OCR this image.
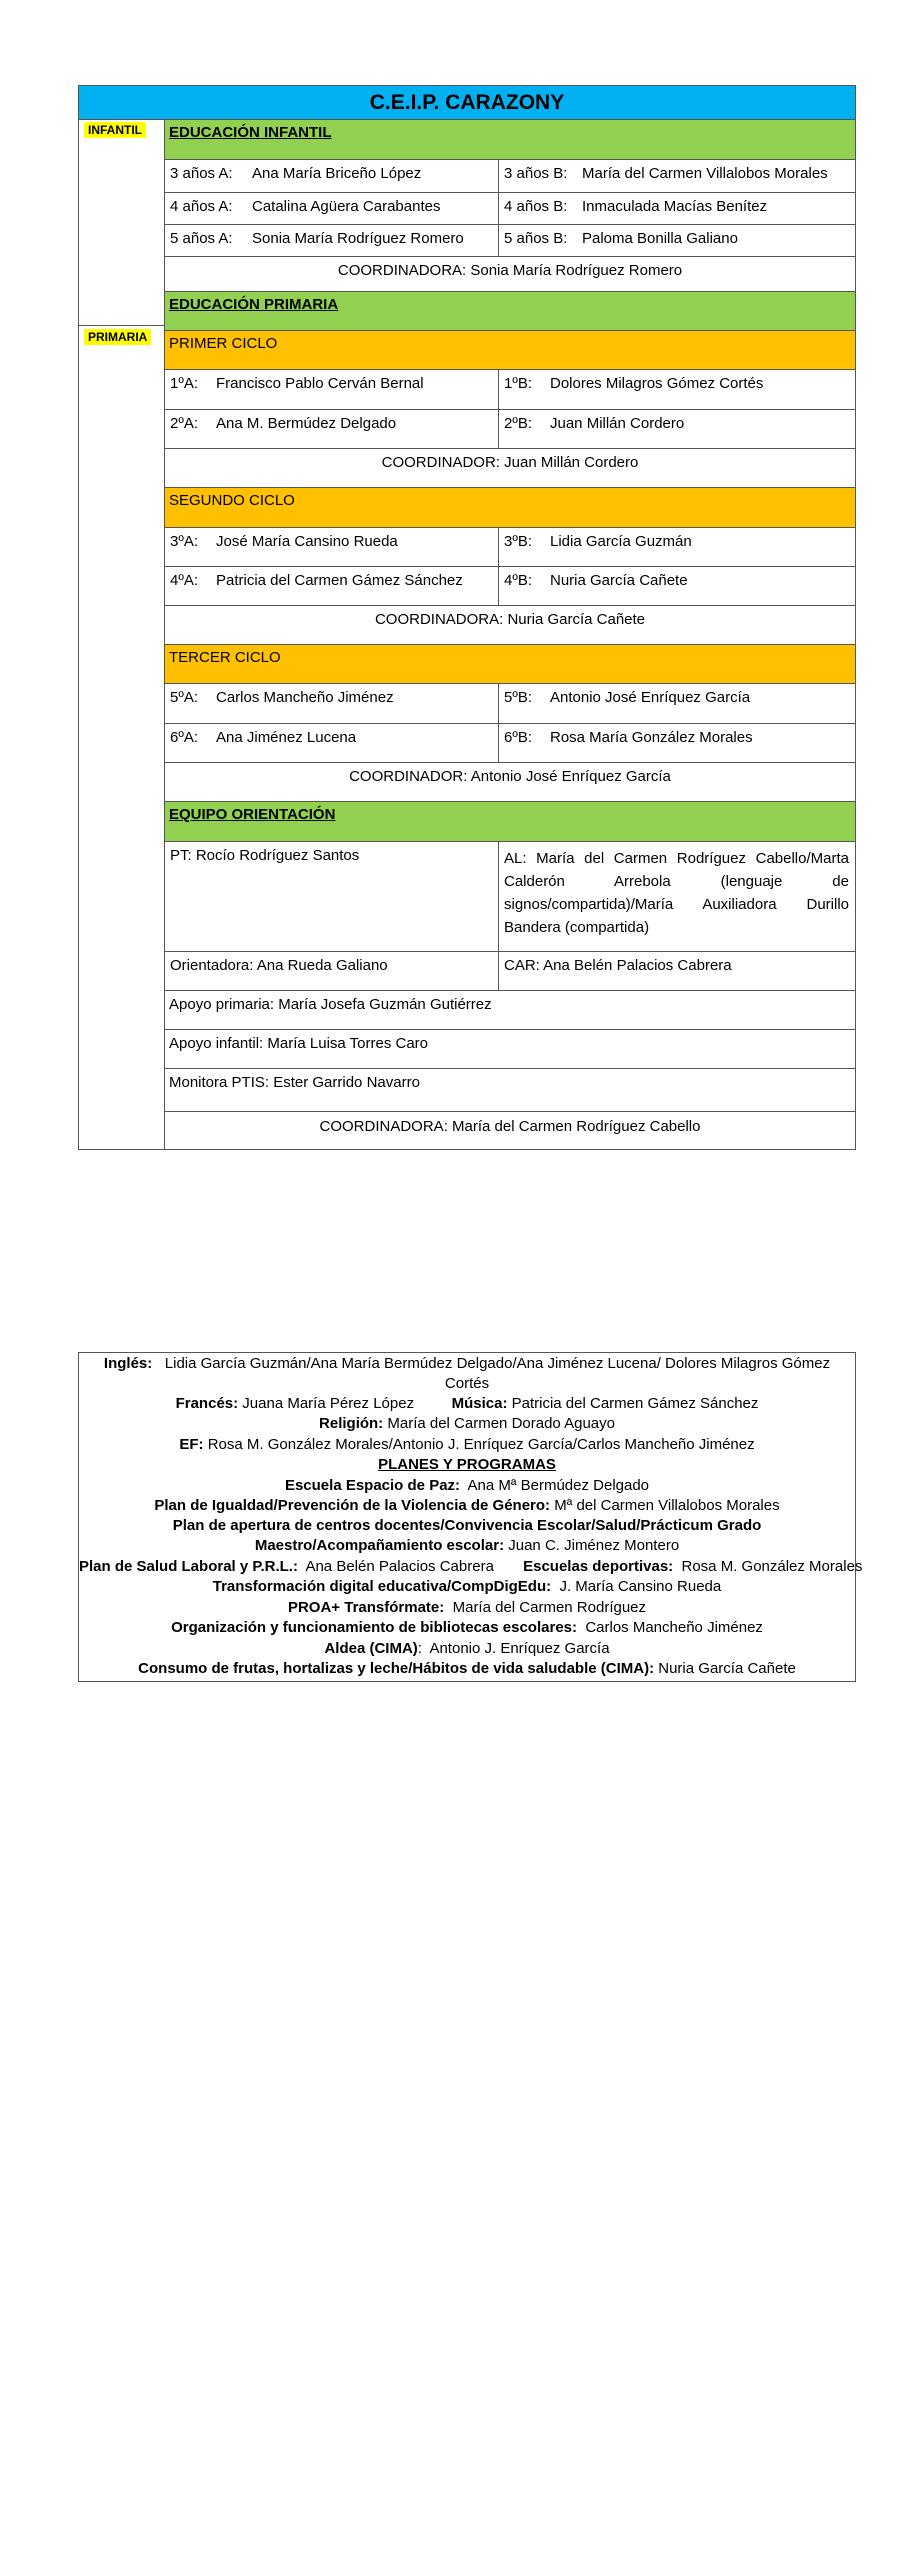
C.E.I.P. CARAZONY
INFANTIL
PRIMARIA
EDUCACIÓN INFANTIL
3 años A: Ana María Briceño López	3 años B: María del Carmen Villalobos Morales
4 años A: Catalina Agüera Carabantes	4 años B: Inmaculada Macías Benítez
5 años A: Sonia María Rodríguez Romero	5 años B: Paloma Bonilla Galiano
COORDINADORA: Sonia María Rodríguez Romero
EDUCACIÓN PRIMARIA
PRIMER CICLO
1ºA: Francisco Pablo Cerván Bernal	1ºB: Dolores Milagros Gómez Cortés
2ºA: Ana M. Bermúdez Delgado	2ºB: Juan Millán Cordero
COORDINADOR: Juan Millán Cordero
SEGUNDO CICLO
3ºA: José María Cansino Rueda	3ºB: Lidia García Guzmán
4ºA: Patricia del Carmen Gámez Sánchez	4ºB: Nuria García Cañete
COORDINADORA: Nuria García Cañete
TERCER CICLO
5ºA: Carlos Mancheño Jiménez	5ºB: Antonio José Enríquez García
6ºA: Ana Jiménez Lucena	6ºB: Rosa María González Morales
COORDINADOR: Antonio José Enríquez García
EQUIPO ORIENTACIÓN
PT: Rocío Rodríguez Santos	AL: María del Carmen Rodríguez Cabello/Marta Calderón Arrebola (lenguaje de signos/compartida)/María Auxiliadora Durillo Bandera (compartida)
Orientadora: Ana Rueda Galiano	CAR: Ana Belén Palacios Cabrera
Apoyo primaria: María Josefa Guzmán Gutiérrez
Apoyo infantil: María Luisa Torres Caro
Monitora PTIS: Ester Garrido Navarro
COORDINADORA: María del Carmen Rodríguez Cabello
Inglés: Lidia García Guzmán/Ana María Bermúdez Delgado/Ana Jiménez Lucena/ Dolores Milagros Gómez
Cortés
Francés: Juana María Pérez López	Música: Patricia del Carmen Gámez Sánchez
Religión: María del Carmen Dorado Aguayo
EF: Rosa M. González Morales/Antonio J. Enríquez García/Carlos Mancheño Jiménez
PLANES Y PROGRAMAS
Escuela Espacio de Paz:  Ana Mª Bermúdez Delgado
Plan de Igualdad/Prevención de la Violencia de Género: Mª del Carmen Villalobos Morales
Plan de apertura de centros docentes/Convivencia Escolar/Salud/Prácticum Grado
Maestro/Acompañamiento escolar: Juan C. Jiménez Montero
Plan de Salud Laboral y P.R.L.:  Ana Belén Palacios Cabrera Escuelas deportivas:  Rosa M. González Morales
Transformación digital educativa/CompDigEdu:  J. María Cansino Rueda
PROA+ Transfórmate:  María del Carmen Rodríguez
Organización y funcionamiento de bibliotecas escolares:  Carlos Mancheño Jiménez
Aldea (CIMA):  Antonio J. Enríquez García
Consumo de frutas, hortalizas y leche/Hábitos de vida saludable (CIMA): Nuria García Cañete
